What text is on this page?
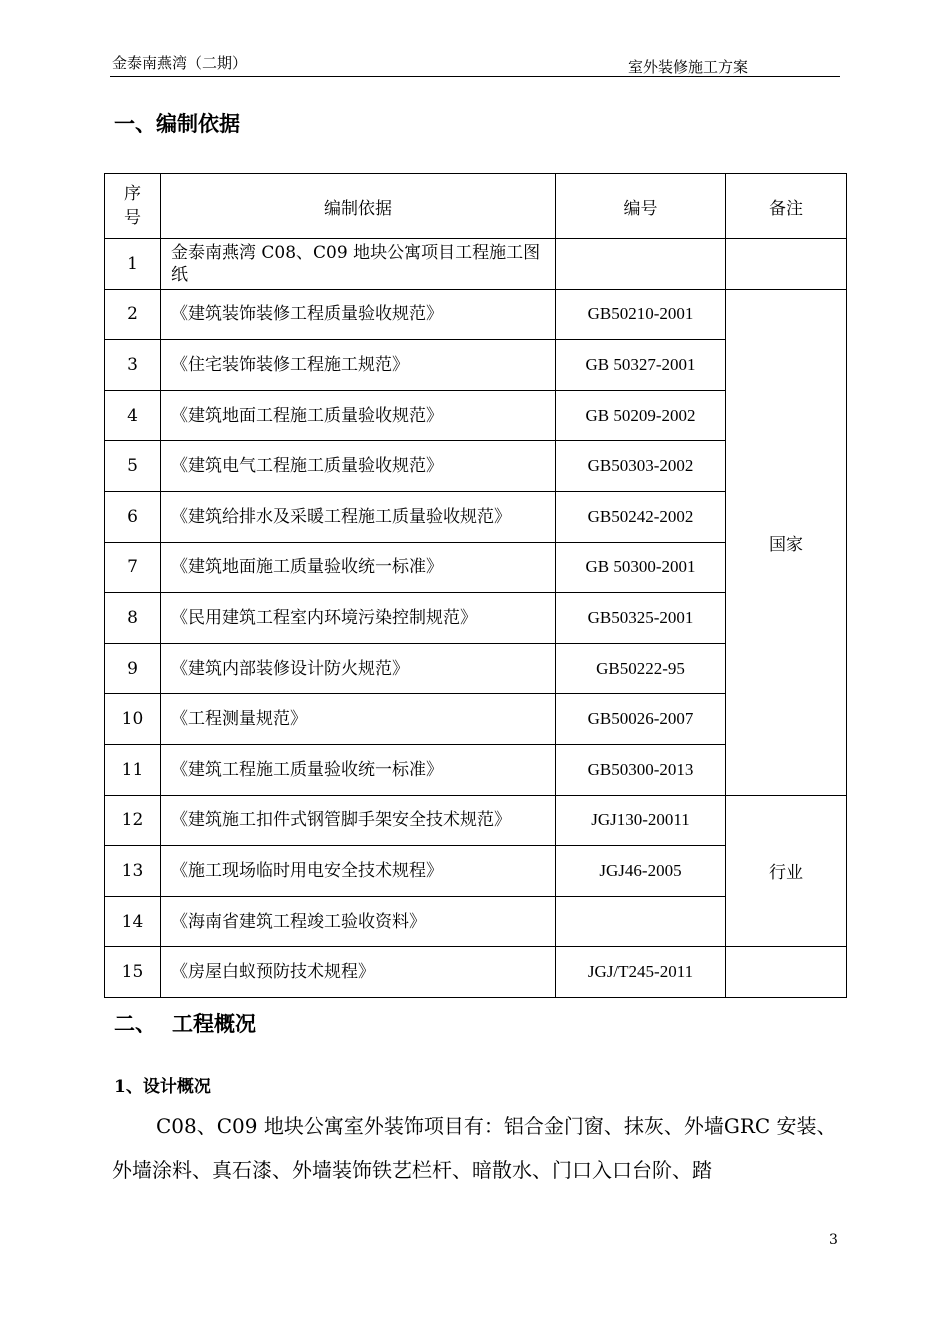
金泰南燕湾（二期）	室外装修施工方案
一、编制依据
序号	编制依据	编号	备注
1	金泰南燕湾 C08、C09 地块公寓项目工程施工图纸		
2	《建筑装饰装修工程质量验收规范》	GB50210-2001	国家
3	《住宅装饰装修工程施工规范》	GB 50327-2001	
4	《建筑地面工程施工质量验收规范》	GB 50209-2002	
5	《建筑电气工程施工质量验收规范》	GB50303-2002	
6	《建筑给排水及采暖工程施工质量验收规范》	GB50242-2002	
7	《建筑地面施工质量验收统一标准》	GB 50300-2001	
8	《民用建筑工程室内环境污染控制规范》	GB50325-2001	
9	《建筑内部装修设计防火规范》	GB50222-95	
10	《工程测量规范》	GB50026-2007	
11	《建筑工程施工质量验收统一标准》	GB50300-2013	
12	《建筑施工扣件式钢管脚手架安全技术规范》	JGJ130-20011	行业
13	《施工现场临时用电安全技术规程》	JGJ46-2005	
14	《海南省建筑工程竣工验收资料》		
15	《房屋白蚁预防技术规程》	JGJ/T245-2011	
二、 工程概况
1、设计概况
C08、C09 地块公寓室外装饰项目有：铝合金门窗、抹灰、外墙GRC 安装、外墙涂料、真石漆、外墙装饰铁艺栏杆、暗散水、门口入口台阶、踏
3
